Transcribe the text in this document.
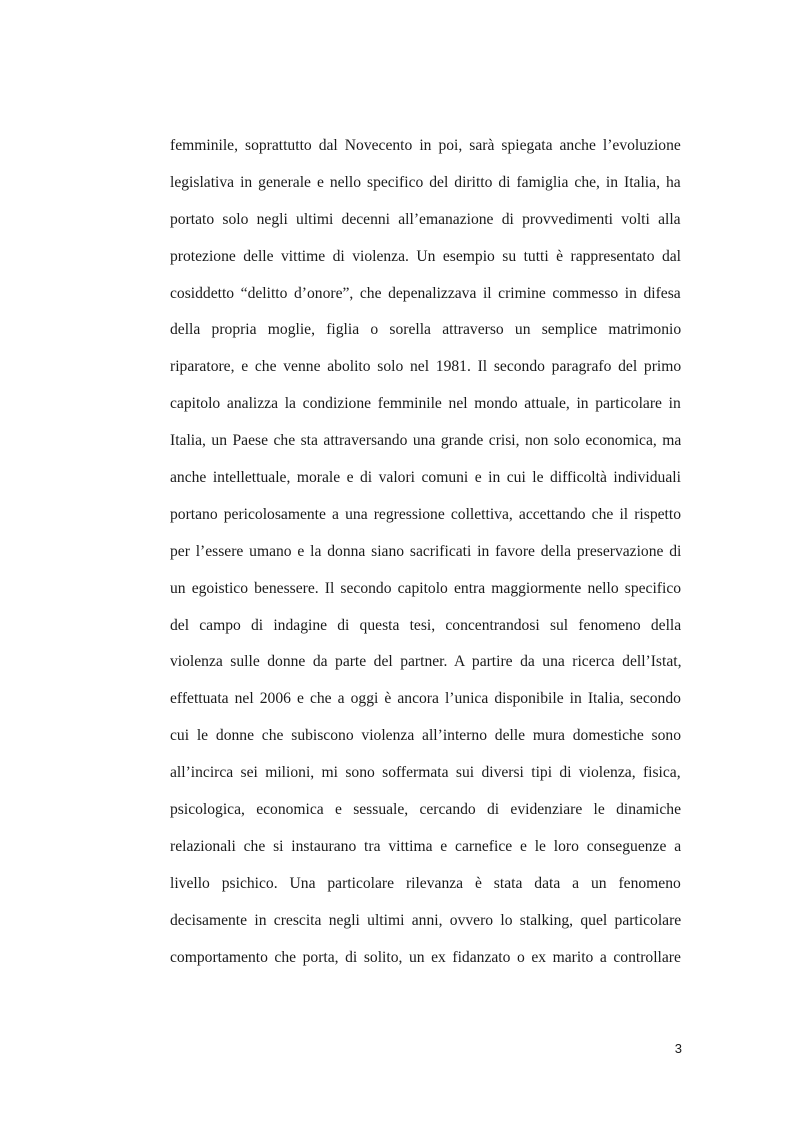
femminile, soprattutto dal Novecento in poi, sarà spiegata anche l’evoluzione
legislativa in generale e nello specifico del diritto di famiglia che, in Italia, ha
portato solo negli ultimi decenni all’emanazione di provvedimenti volti alla
protezione delle vittime di violenza. Un esempio su tutti è rappresentato dal
cosiddetto “delitto d’onore”, che depenalizzava il crimine commesso in difesa
della propria moglie, figlia o sorella attraverso un semplice matrimonio
riparatore, e che venne abolito solo nel 1981. Il secondo paragrafo del primo
capitolo analizza la condizione femminile nel mondo attuale, in particolare in
Italia, un Paese che sta attraversando una grande crisi, non solo economica, ma
anche intellettuale, morale e di valori comuni e in cui le difficoltà individuali
portano pericolosamente a una regressione collettiva, accettando che il rispetto
per l’essere umano e la donna siano sacrificati in favore della preservazione di
un egoistico benessere. Il secondo capitolo entra maggiormente nello specifico
del campo di indagine di questa tesi, concentrandosi sul fenomeno della
violenza sulle donne da parte del partner. A partire da una ricerca dell’Istat,
effettuata nel 2006 e che a oggi è ancora l’unica disponibile in Italia, secondo
cui le donne che subiscono violenza all’interno delle mura domestiche sono
all’incirca sei milioni, mi sono soffermata sui diversi tipi di violenza, fisica,
psicologica, economica e sessuale, cercando di evidenziare le dinamiche
relazionali che si instaurano tra vittima e carnefice e le loro conseguenze a
livello psichico. Una particolare rilevanza è stata data a un fenomeno
decisamente in crescita negli ultimi anni, ovvero lo stalking, quel particolare
comportamento che porta, di solito, un ex fidanzato o ex marito a controllare
3
